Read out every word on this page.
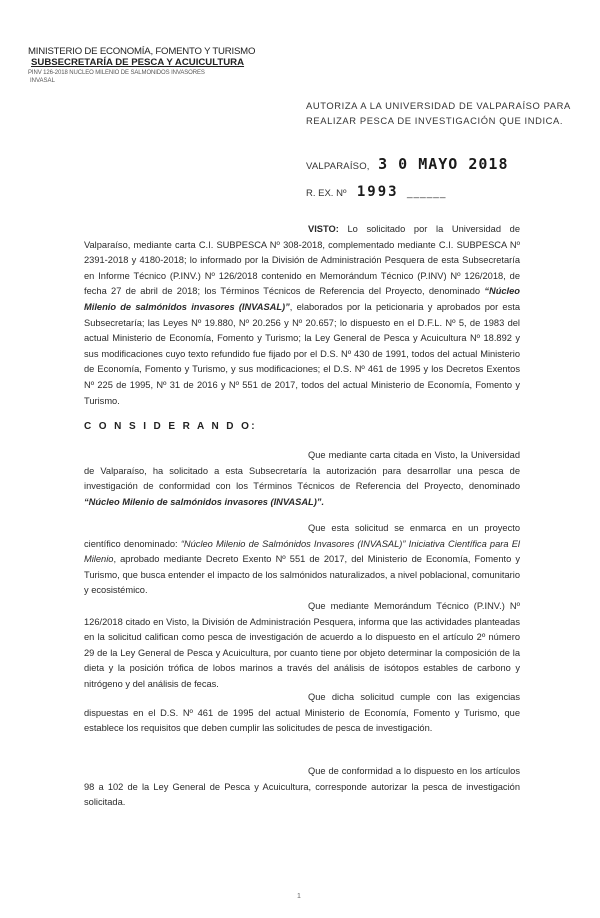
MINISTERIO DE ECONOMÍA, FOMENTO Y TURISMO
SUBSECRETARÍA DE PESCA Y ACUICULTURA
PINV 126-2018 NUCLEO MILENIO DE SALMONIDOS INVASORES
INVASAL
AUTORIZA A LA UNIVERSIDAD DE VALPARAÍSO PARA REALIZAR PESCA DE INVESTIGACIÓN QUE INDICA.
VALPARAÍSO, 3 0 MAYO 2018
R. EX. Nº 1993 ______
VISTO: Lo solicitado por la Universidad de Valparaíso, mediante carta C.I. SUBPESCA Nº 308-2018, complementado mediante C.I. SUBPESCA Nº 2391-2018 y 4180-2018; lo informado por la División de Administración Pesquera de esta Subsecretaría en Informe Técnico (P.INV.) Nº 126/2018 contenido en Memorándum Técnico (P.INV) Nº 126/2018, de fecha 27 de abril de 2018; los Términos Técnicos de Referencia del Proyecto, denominado “Núcleo Milenio de salmónidos invasores (INVASAL)”, elaborados por la peticionaria y aprobados por esta Subsecretaría; las Leyes Nº 19.880, Nº 20.256 y Nº 20.657; lo dispuesto en el D.F.L. Nº 5, de 1983 del actual Ministerio de Economía, Fomento y Turismo; la Ley General de Pesca y Acuicultura Nº 18.892 y sus modificaciones cuyo texto refundido fue fijado por el D.S. Nº 430 de 1991, todos del actual Ministerio de Economía, Fomento y Turismo, y sus modificaciones; el D.S. Nº 461 de 1995 y los Decretos Exentos Nº 225 de 1995, Nº 31 de 2016 y Nº 551 de 2017, todos del actual Ministerio de Economía, Fomento y Turismo.
C O N S I D E R A N D O:
Que mediante carta citada en Visto, la Universidad de Valparaíso, ha solicitado a esta Subsecretaría la autorización para desarrollar una pesca de investigación de conformidad con los Términos Técnicos de Referencia del Proyecto, denominado “Núcleo Milenio de salmónidos invasores (INVASAL)”.
Que esta solicitud se enmarca en un proyecto científico denominado: “Núcleo Milenio de Salmónidos Invasores (INVASAL)” Iniciativa Científica para El Milenio, aprobado mediante Decreto Exento Nº 551 de 2017, del Ministerio de Economía, Fomento y Turismo, que busca entender el impacto de los salmónidos naturalizados, a nivel poblacional, comunitario y ecosistémico.
Que mediante Memorándum Técnico (P.INV.) Nº 126/2018 citado en Visto, la División de Administración Pesquera, informa que las actividades planteadas en la solicitud califican como pesca de investigación de acuerdo a lo dispuesto en el artículo 2º número 29 de la Ley General de Pesca y Acuicultura, por cuanto tiene por objeto determinar la composición de la dieta y la posición trófica de lobos marinos a través del análisis de isótopos estables de carbono y nitrógeno y del análisis de fecas.
Que dicha solicitud cumple con las exigencias dispuestas en el D.S. Nº 461 de 1995 del actual Ministerio de Economía, Fomento y Turismo, que establece los requisitos que deben cumplir las solicitudes de pesca de investigación.
Que de conformidad a lo dispuesto en los artículos 98 a 102 de la Ley General de Pesca y Acuicultura, corresponde autorizar la pesca de investigación solicitada.
1
